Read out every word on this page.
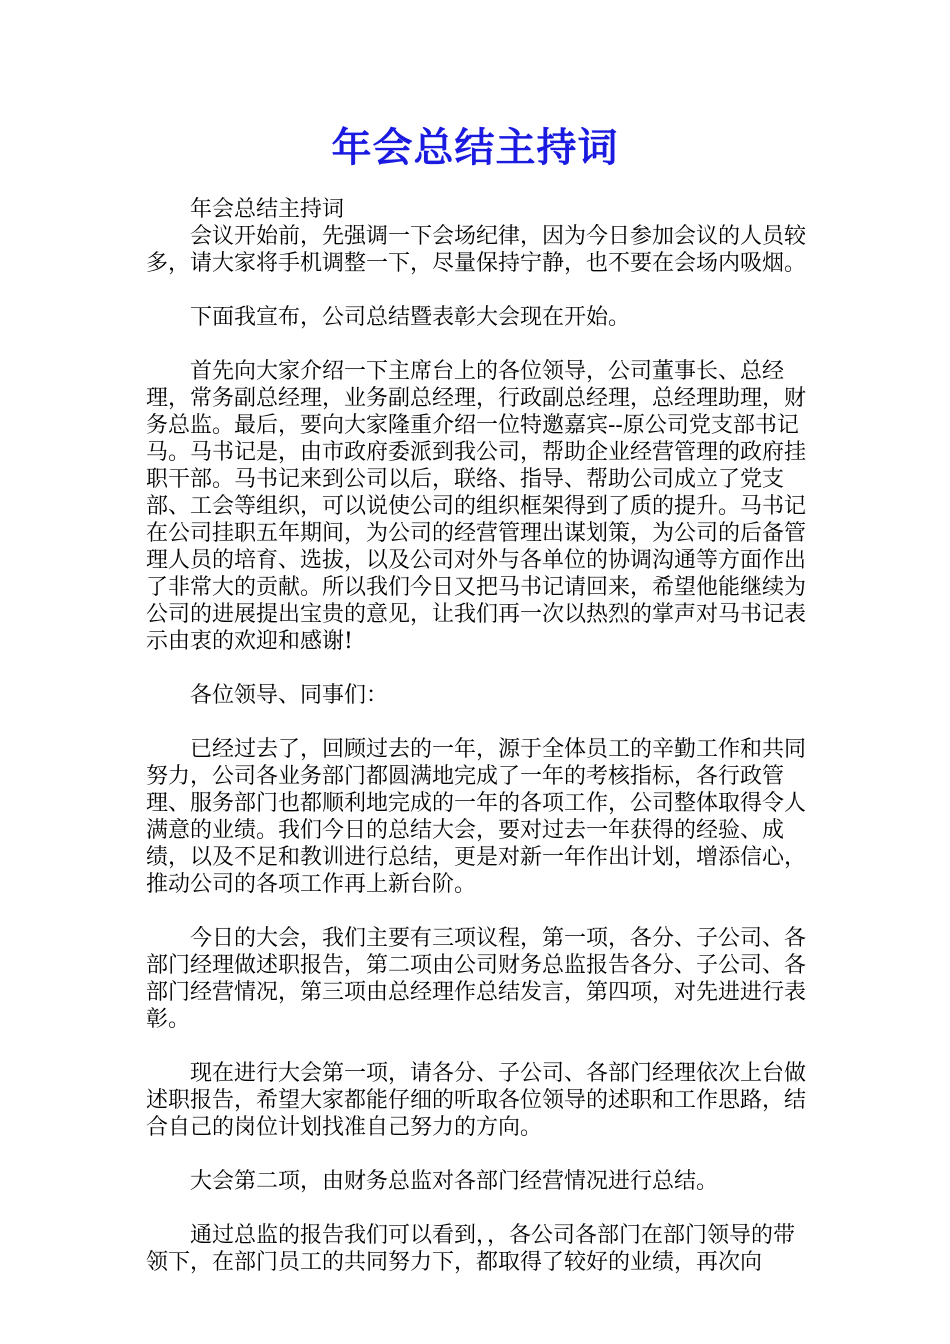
年会总结主持词

年会总结主持词

会议开始前，先强调一下会场纪律，因为今日参加会议的人员较多，请大家将手机调整一下，尽量保持宁静，也不要在会场内吸烟。

下面我宣布，公司总结暨表彰大会现在开始。

首先向大家介绍一下主席台上的各位领导，公司董事长、总经理，常务副总经理，业务副总经理，行政副总经理，总经理助理，财务总监。最后，要向大家隆重介绍一位特邀嘉宾--原公司党支部书记马。马书记是，由市政府委派到我公司，帮助企业经营管理的政府挂职干部。马书记来到公司以后，联络、指导、帮助公司成立了党支部、工会等组织，可以说使公司的组织框架得到了质的提升。马书记在公司挂职五年期间，为公司的经营管理出谋划策，为公司的后备管理人员的培育、选拔，以及公司对外与各单位的协调沟通等方面作出了非常大的贡献。所以我们今日又把马书记请回来，希望他能继续为公司的进展提出宝贵的意见，让我们再一次以热烈的掌声对马书记表示由衷的欢迎和感谢!

各位领导、同事们：

已经过去了，回顾过去的一年，源于全体员工的辛勤工作和共同努力，公司各业务部门都圆满地完成了一年的考核指标，各行政管理、服务部门也都顺利地完成的一年的各项工作，公司整体取得令人满意的业绩。我们今日的总结大会，要对过去一年获得的经验、成绩，以及不足和教训进行总结，更是对新一年作出计划，增添信心，推动公司的各项工作再上新台阶。

今日的大会，我们主要有三项议程，第一项，各分、子公司、各部门经理做述职报告，第二项由公司财务总监报告各分、子公司、各部门经营情况，第三项由总经理作总结发言，第四项，对先进进行表彰。

现在进行大会第一项，请各分、子公司、各部门经理依次上台做述职报告，希望大家都能仔细的听取各位领导的述职和工作思路，结合自己的岗位计划找准自己努力的方向。

大会第二项，由财务总监对各部门经营情况进行总结。

通过总监的报告我们可以看到，，各公司各部门在部门领导的带领下，在部门员工的共同努力下，都取得了较好的业绩，再次向
